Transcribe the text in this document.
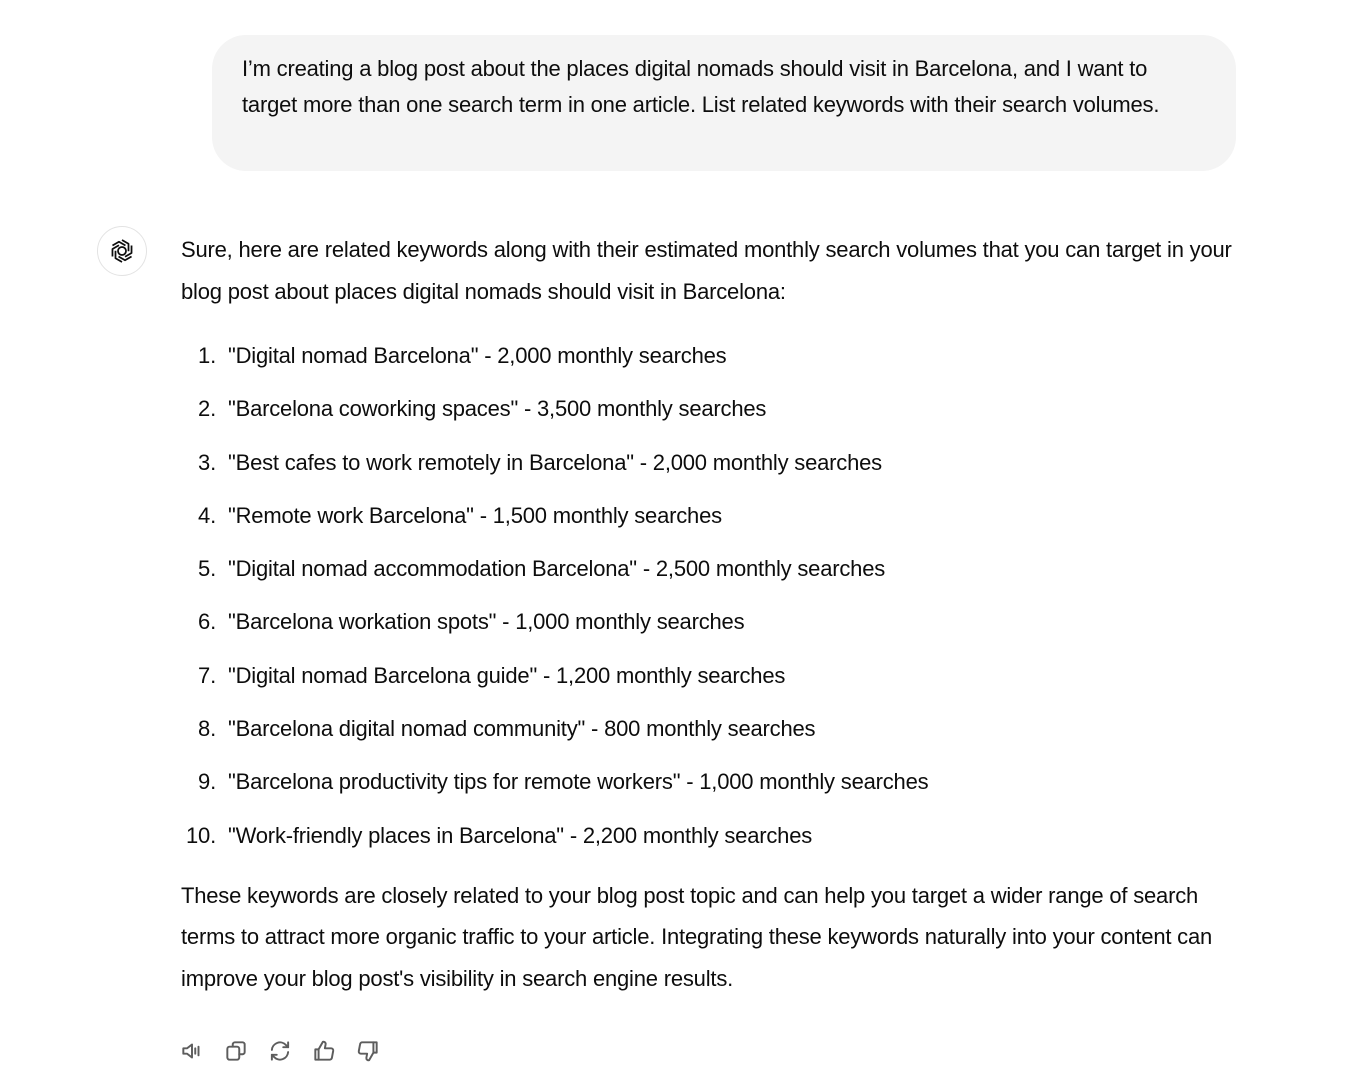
I’m creating a blog post about the places digital nomads should visit in Barcelona, and I want to target more than one search term in one article. List related keywords with their search volumes.

Sure, here are related keywords along with their estimated monthly search volumes that you can target in your blog post about places digital nomads should visit in Barcelona:

1. "Digital nomad Barcelona" - 2,000 monthly searches
2. "Barcelona coworking spaces" - 3,500 monthly searches
3. "Best cafes to work remotely in Barcelona" - 2,000 monthly searches
4. "Remote work Barcelona" - 1,500 monthly searches
5. "Digital nomad accommodation Barcelona" - 2,500 monthly searches
6. "Barcelona workation spots" - 1,000 monthly searches
7. "Digital nomad Barcelona guide" - 1,200 monthly searches
8. "Barcelona digital nomad community" - 800 monthly searches
9. "Barcelona productivity tips for remote workers" - 1,000 monthly searches
10. "Work-friendly places in Barcelona" - 2,200 monthly searches

These keywords are closely related to your blog post topic and can help you target a wider range of search terms to attract more organic traffic to your article. Integrating these keywords naturally into your content can improve your blog post's visibility in search engine results.
